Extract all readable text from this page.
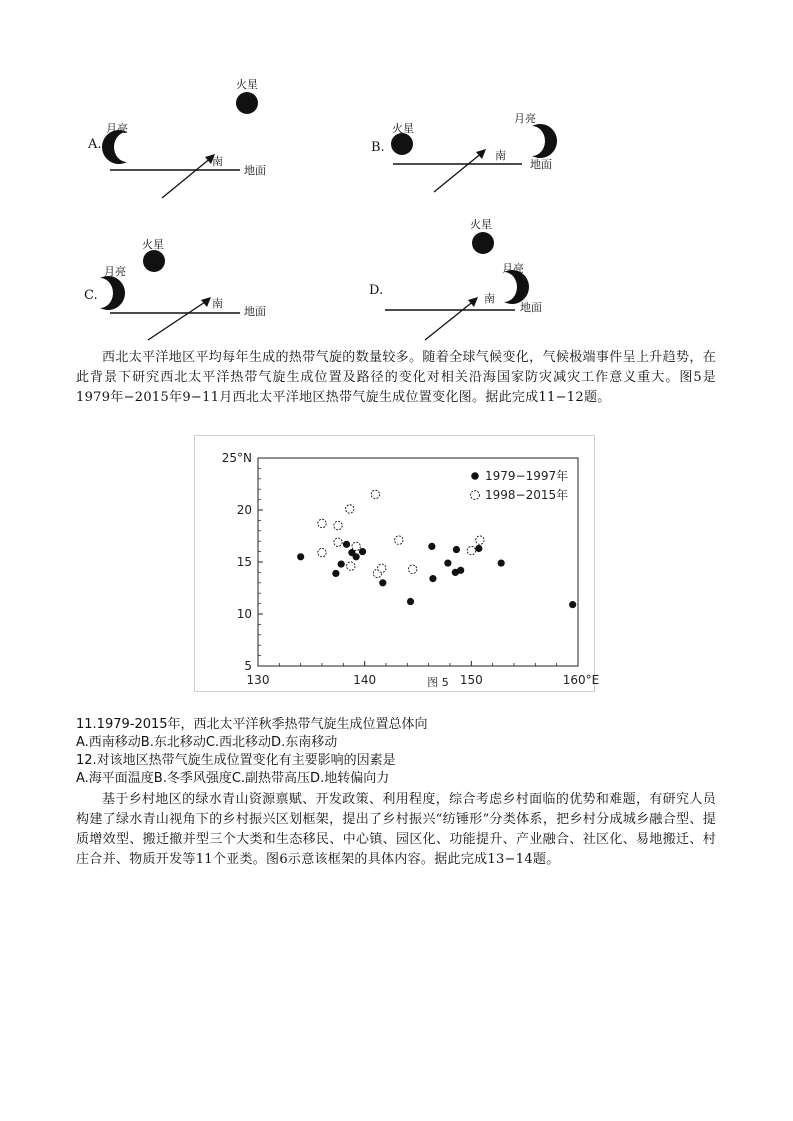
火星
月亮
A.
南
地面
火星
月亮
B.
南
地面
火星
月亮
C.
南
地面
火星
月亮
D.
南
地面

西北太平洋地区平均每年生成的热带气旋的数量较多。随着全球气候变化，气候极端事件呈上升趋势，在此背景下研究西北太平洋热带气旋生成位置及路径的变化对相关沿海国家防灾减灾工作意义重大。图5是1979年−2015年9−11月西北太平洋地区热带气旋生成位置变化图。据此完成11−12题。

130	140	150	160°E
25°N
20
15
10
5
1979−1997年
1998−2015年
图 5
11.1979-2015年，西北太平洋秋季热带气旋生成位置总体向
A.西南移动B.东北移动C.西北移动D.东南移动
12.对该地区热带气旋生成位置变化有主要影响的因素是
A.海平面温度B.冬季风强度C.副热带高压D.地转偏向力

基于乡村地区的绿水青山资源禀赋、开发政策、利用程度，综合考虑乡村面临的优势和难题，有研究人员构建了绿水青山视角下的乡村振兴区划框架，提出了乡村振兴“纺锤形”分类体系，把乡村分成城乡融合型、提质增效型、搬迁撤并型三个大类和生态移民、中心镇、园区化、功能提升、产业融合、社区化、易地搬迁、村庄合并、物质开发等11个亚类。图6示意该框架的具体内容。据此完成13−14题。
